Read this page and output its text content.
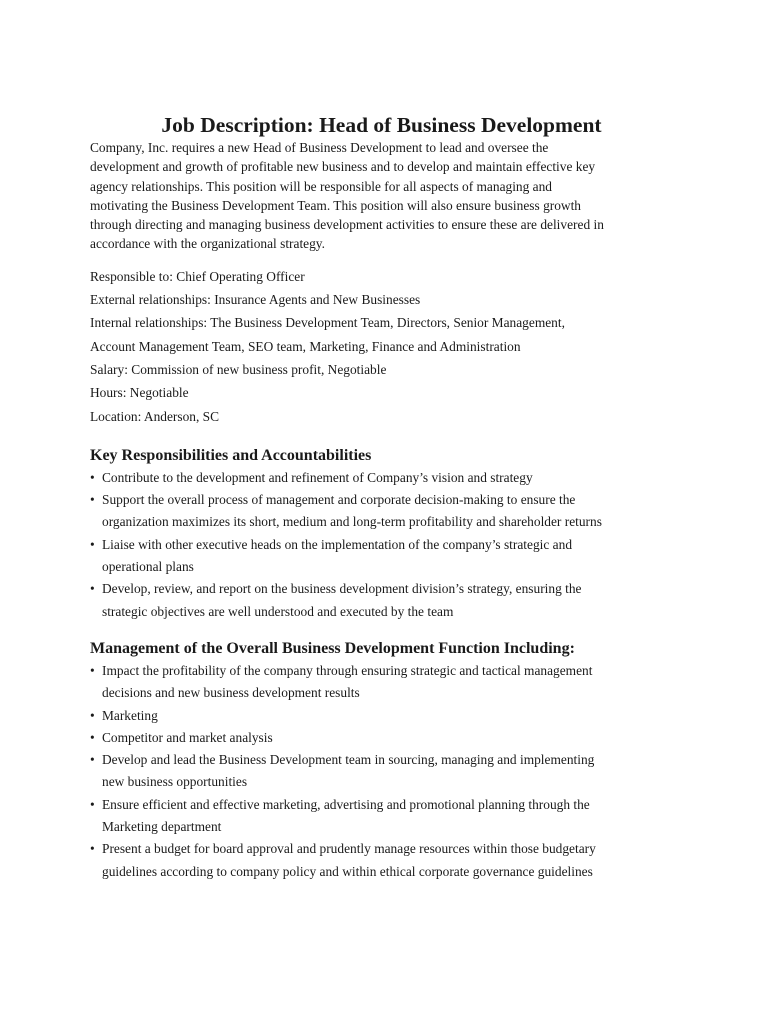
Job Description: Head of Business Development
Company, Inc. requires a new Head of Business Development to lead and oversee the
development and growth of profitable new business and to develop and maintain effective key
agency relationships. This position will be responsible for all aspects of managing and
motivating the Business Development Team. This position will also ensure business growth
through directing and managing business development activities to ensure these are delivered in
accordance with the organizational strategy.
Responsible to: Chief Operating Officer
External relationships: Insurance Agents and New Businesses
Internal relationships: The Business Development Team, Directors, Senior Management,
Account Management Team, SEO team, Marketing, Finance and Administration
Salary: Commission of new business profit, Negotiable
Hours: Negotiable
Location: Anderson, SC
Key Responsibilities and Accountabilities
• Contribute to the development and refinement of Company’s vision and strategy
• Support the overall process of management and corporate decision-making to ensure the
organization maximizes its short, medium and long-term profitability and shareholder returns
• Liaise with other executive heads on the implementation of the company’s strategic and
operational plans
• Develop, review, and report on the business development division’s strategy, ensuring the
strategic objectives are well understood and executed by the team
Management of the Overall Business Development Function Including:
• Impact the profitability of the company through ensuring strategic and tactical management
decisions and new business development results
• Marketing
• Competitor and market analysis
• Develop and lead the Business Development team in sourcing, managing and implementing
new business opportunities
• Ensure efficient and effective marketing, advertising and promotional planning through the
Marketing department
• Present a budget for board approval and prudently manage resources within those budgetary
guidelines according to company policy and within ethical corporate governance guidelines
